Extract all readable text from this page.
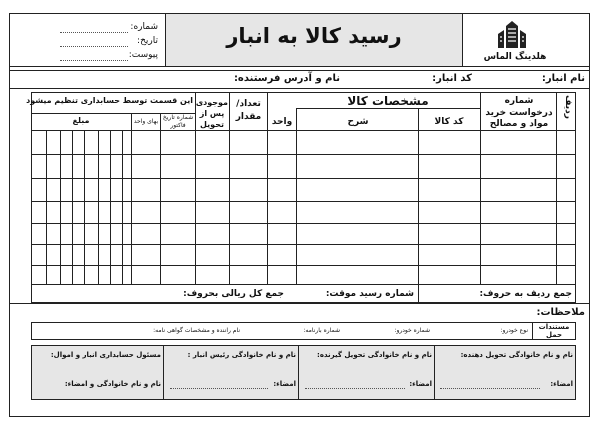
رسید کالا به انبار
هلدینگ الماس
شماره:
تاریخ:
پیوست:
نام انبار:
کد انبار:
نام و آدرس فرستنده:
ردیف
شماره درخواست خرید
مواد و مصالح
مشخصات کالا
کد کالا
شرح
واحد
تعداد/ مقدار
موجودی پس از تحویل
این قسمت توسط حسابداری تنظیم میشود
شماره تاریخ فاکتور
بهای واحد
مبلغ
جمع ردیف به حروف:
شماره رسید موقت:
جمع کل ریالی بحروف:
ملاحظات:
مستندات حمل
نوع خودرو:
شماره خودرو:
شماره بارنامه:
نام راننده و مشخصات گواهی نامه:
نام و نام خانوادگی تحویل دهنده:
امضاء:
نام و نام خانوادگی تحویل گیرنده:
امضاء:
نام و نام خانوادگی رئیس انبار :
امضاء:
مسئول حسابداری انبار و اموال:
نام و نام خانوادگی و امضاء:
